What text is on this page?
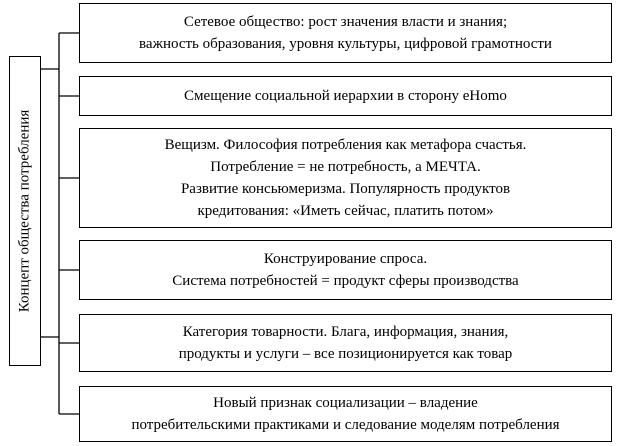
Концепт общества потребления
Сетевое общество: рост значения власти и знания;
важность образования, уровня культуры, цифровой грамотности
Смещение социальной иерархии в сторону eHomo
Вещизм. Философия потребления как метафора счастья.
Потребление = не потребность, а МЕЧТА.
Развитие консьюмеризма. Популярность продуктов
кредитования: «Иметь сейчас, платить потом»
Конструирование спроса.
Система потребностей = продукт сферы производства
Категория товарности. Блага, информация, знания,
продукты и услуги – все позиционируется как товар
Новый признак социализации – владение
потребительскими практиками и следование моделям потребления
